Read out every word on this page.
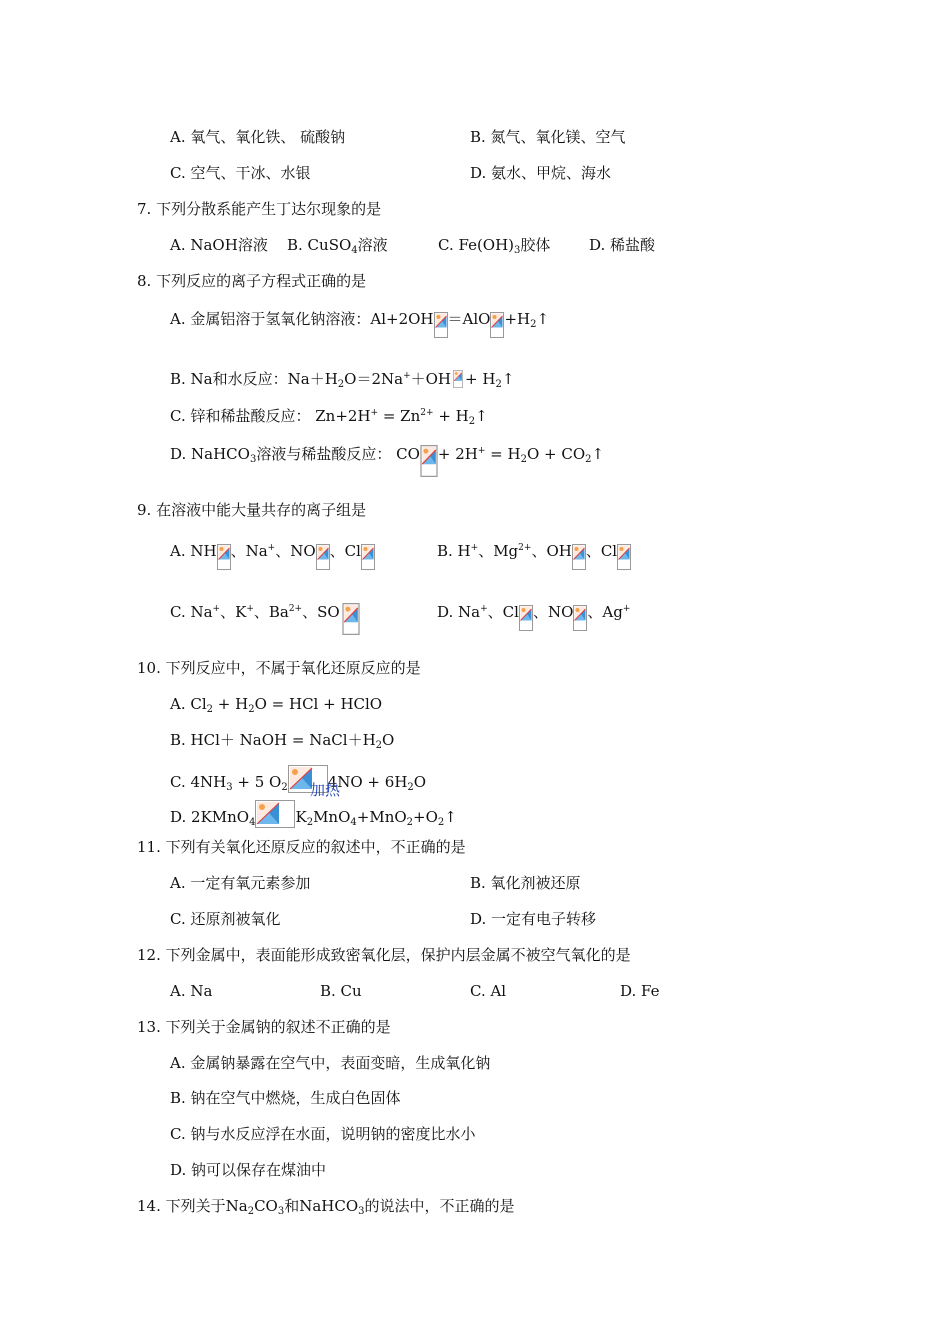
A. 氧气、氧化铁、 硫酸钠	B. 氮气、氧化镁、空气
C. 空气、干冰、水银	D. 氨水、甲烷、海水
7. 下列分散系能产生丁达尔现象的是
A. NaOH溶液 B. CuSO$_4$溶液	C. $Fe(OH)_3$胶体	D. 稀盐酸
8. 下列反应的离子方程式正确的是
A. 金属铝溶于氢氧化钠溶液：$Al+2OH =AlO +H_2↑$
B. Na和水反应：$Na+H_2O=2Na^++OH$ + $H_2↑$
C. 锌和稀盐酸反应： $Zn+2H^+ = Zn^{2+}$ + $H_2↑$
D. NaHCO$_3$溶液与稀盐酸反应： CO + $2H^+ = H_2O$ + $CO_2↑$
9. 在溶液中能大量共存的离子组是
A. NH 、Na+、NO 、Cl	B. H+、$Mg^{2+}$、OH 、Cl
C. Na+、K+、$Ba^{2+}$、SO	D. Na+、Cl 、NO 、Ag+
10. 下列反应中，不属于氧化还原反应的是
A. $Cl_2 + H_2O$ = HCl + HClO
B. HCl＋ NaOH = $NaCl+H_2O$
C. $4NH_3 + 5$ $O_2$	$4NO + 6H_2O$
加热
D. 2KMnO$_4$	$K_2MnO_4+MnO_2+O_2↑$
11. 下列有关氧化还原反应的叙述中，不正确的是
A. 一定有氧元素参加	B. 氧化剂被还原
C. 还原剂被氧化	D. 一定有电子转移
12. 下列金属中，表面能形成致密氧化层，保护内层金属不被空气氧化的是
A. Na	B. Cu	C. Al	D. Fe
13. 下列关于金属钠的叙述不正确的是
A. 金属钠暴露在空气中，表面变暗，生成氧化钠
B. 钠在空气中燃烧，生成白色固体
C. 钠与水反应浮在水面，说明钠的密度比水小
D. 钠可以保存在煤油中
14. 下列关于$Na_2CO_3$和NaHCO$_3$的说法中，不正确的是
